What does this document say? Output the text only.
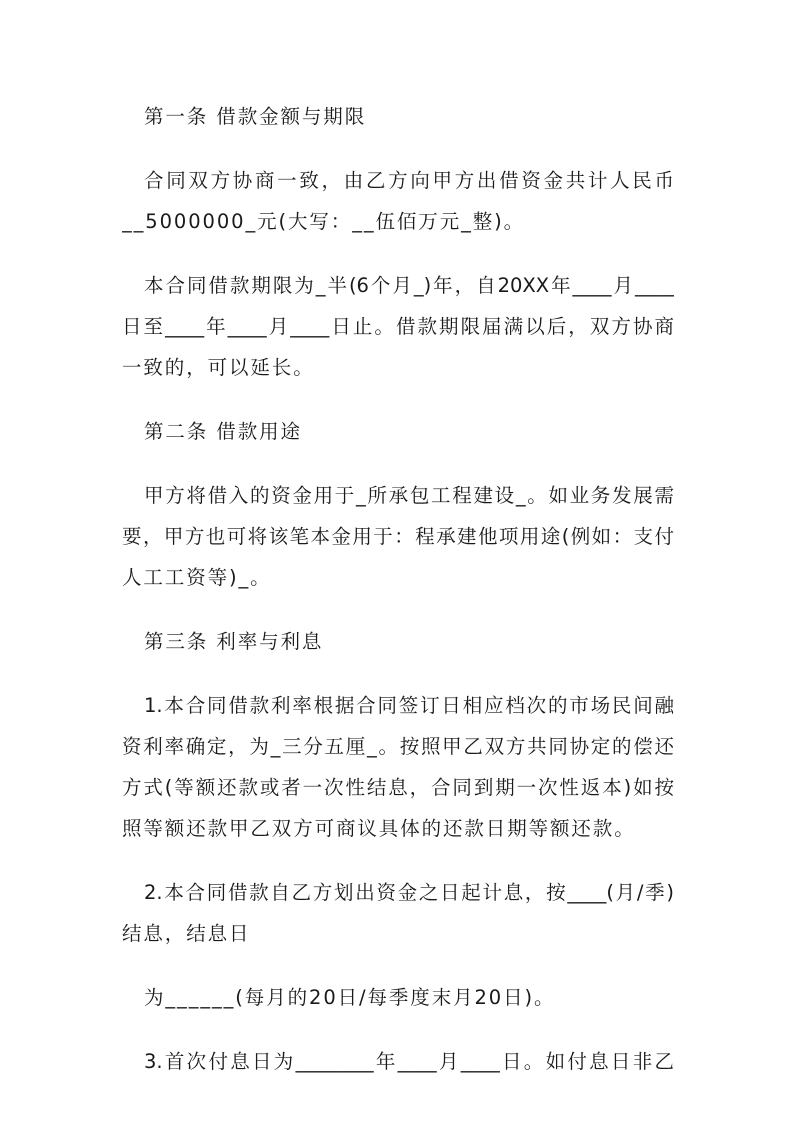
第一条 借款金额与期限
合同双方协商一致，由乙方向甲方出借资金共计人民币
__5000000_元(大写：__伍佰万元_整)。
本合同借款期限为_半(6个月_)年，自20XX年____月____
日至____年____月____日止。借款期限届满以后，双方协商
一致的，可以延长。
第二条 借款用途
甲方将借入的资金用于_所承包工程建设_。如业务发展需
要，甲方也可将该笔本金用于：程承建他项用途(例如：支付
人工工资等)_。
第三条 利率与利息
1.本合同借款利率根据合同签订日相应档次的市场民间融
资利率确定，为_三分五厘_。按照甲乙双方共同协定的偿还
方式(等额还款或者一次性结息，合同到期一次性返本)如按
照等额还款甲乙双方可商议具体的还款日期等额还款。
2.本合同借款自乙方划出资金之日起计息，按____(月/季)
结息，结息日
为______(每月的20日/每季度末月20日)。
3.首次付息日为________年____月____日。如付息日非乙
